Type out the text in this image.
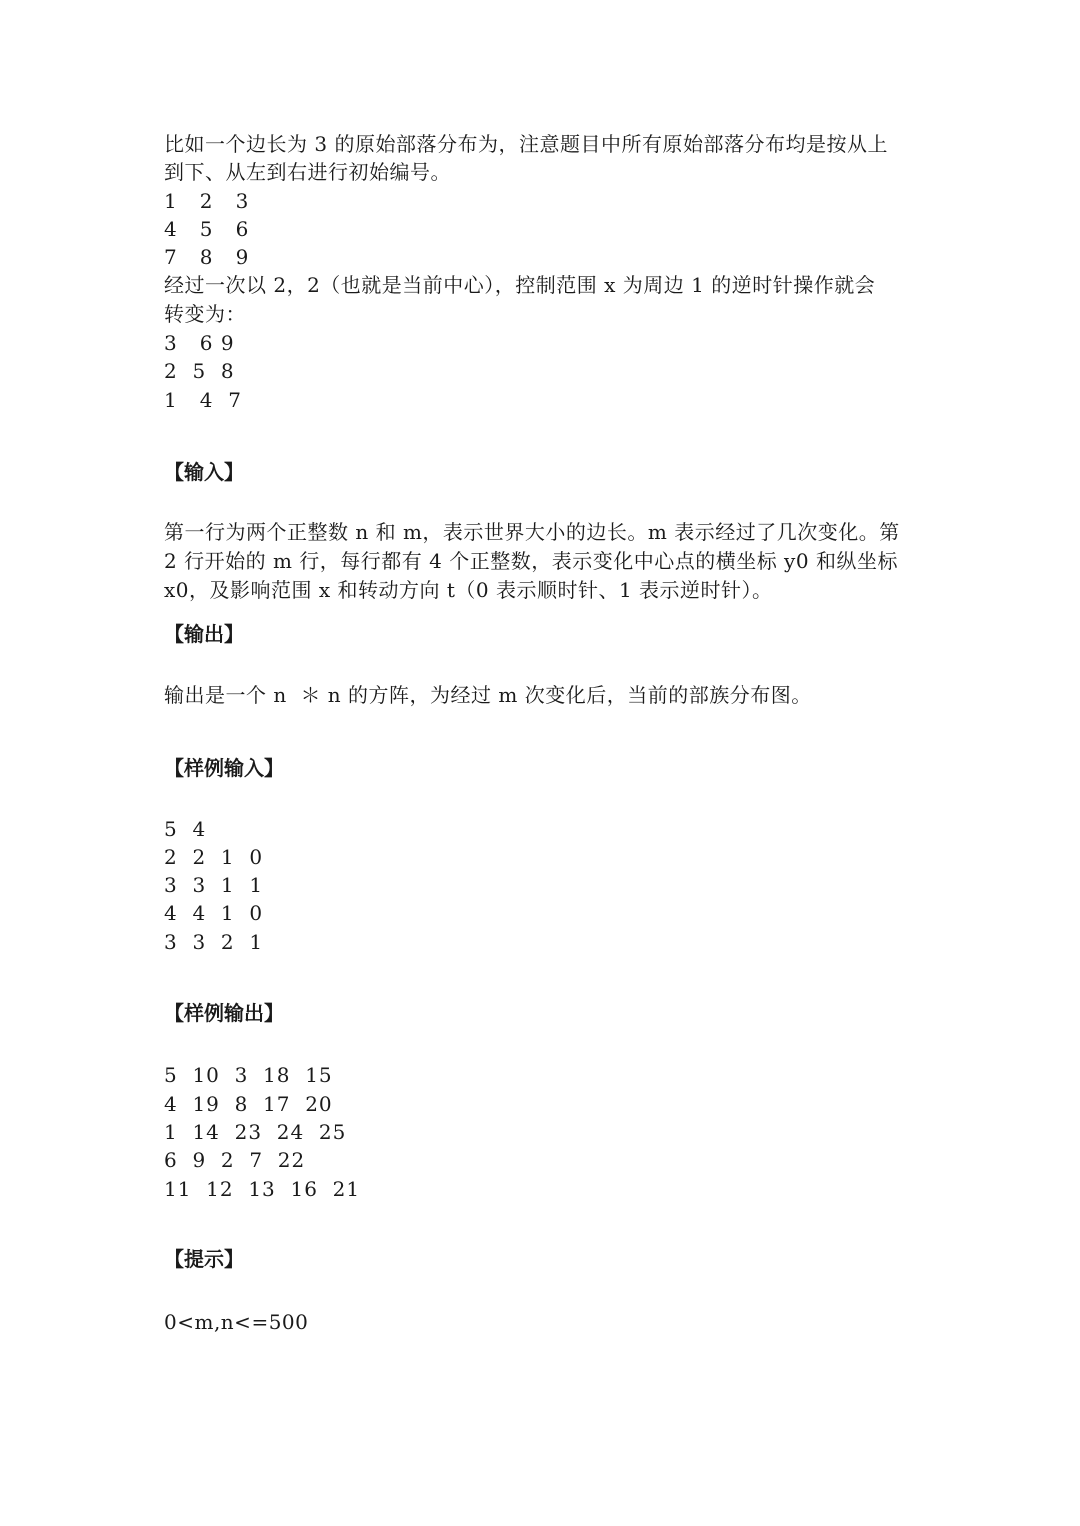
比如一个边长为 3 的原始部落分布为，注意题目中所有原始部落分布均是按从上
到下、从左到右进行初始编号。
1   2   3
4   5   6
7   8   9
经过一次以 2，2（也就是当前中心），控制范围 x 为周边 1 的逆时针操作就会
转变为：
3   6 9
2  5  8
1   4  7
【输入】
第一行为两个正整数 n 和 m，表示世界大小的边长。m 表示经过了几次变化。第
2 行开始的 m 行，每行都有 4 个正整数，表示变化中心点的横坐标 y0 和纵坐标
x0，及影响范围 x 和转动方向 t（0 表示顺时针、1 表示逆时针）。
【输出】
输出是一个 n  ＊ n 的方阵，为经过 m 次变化后，当前的部族分布图。
【样例输入】
5  4
2  2  1  0
3  3  1  1
4  4  1  0
3  3  2  1
【样例输出】
5  10  3  18  15
4  19  8  17  20
1  14  23  24  25
6  9  2  7  22
11  12  13  16  21
【提示】
0<m,n<=500
